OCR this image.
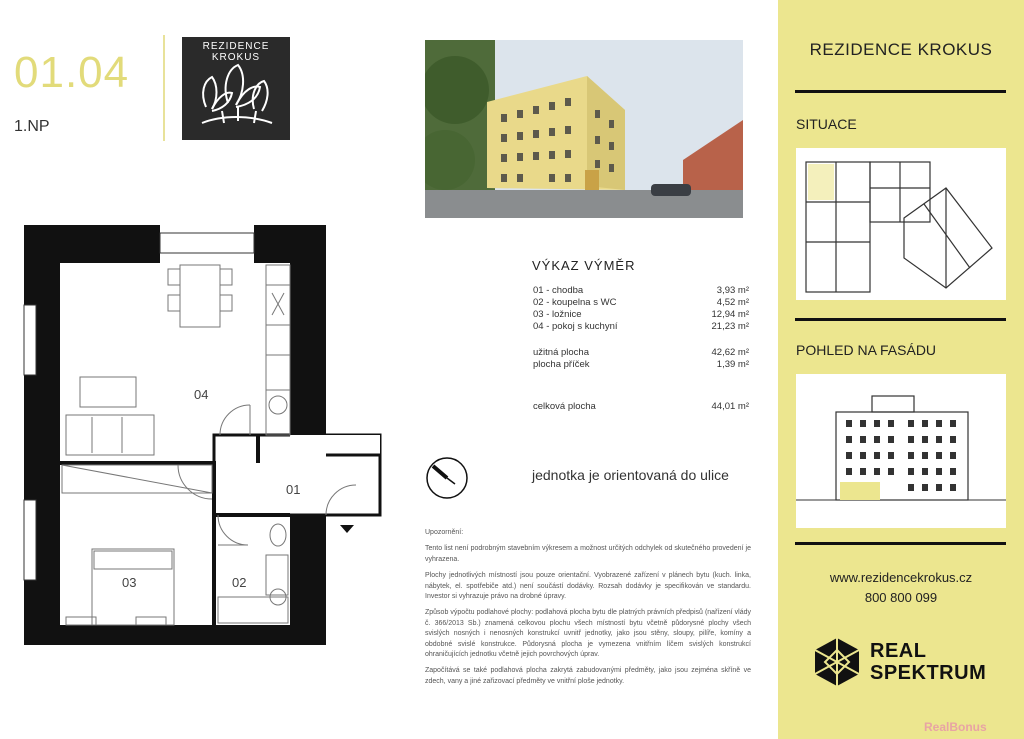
01.04
1.NP
REZIDENCE KROKUS
04
01
03	02
VÝKAZ VÝMĚR
01 - chodba	3,93 m²
02 - koupelna s WC	4,52 m²
03 - ložnice	12,94 m²
04 - pokoj s kuchyní	21,23 m²
užitná plocha	42,62 m²
plocha příček	1,39 m²
celková plocha	44,01 m²
jednotka je orientovaná do ulice

Upozornění:

Tento list není podrobným stavebním výkresem a možnost určitých odchylek od skutečného provedení je vyhrazena.

Plochy jednotlivých místností jsou pouze orientační. Vyobrazené zařízení v plánech bytu (kuch. linka, nábytek, el. spotřebiče atd.) není součástí dodávky. Rozsah dodávky je specifikován ve standardu. Investor si vyhrazuje právo na drobné úpravy.

Způsob výpočtu podlahové plochy: podlahová plocha bytu dle platných právních předpisů (nařízení vlády č. 366/2013 Sb.) znamená celkovou plochu všech místností bytu včetně půdorysné plochy všech svislých nosných i nenosných konstrukcí uvnitř jednotky, jako jsou stěny, sloupy, pilíře, komíny a obdobné svislé konstrukce. Půdorysná plocha je vymezena vnitřním líčem svislých konstrukcí ohraničujících jednotku včetně jejich povrchových úprav.

Započítává se také podlahová plocha zakrytá zabudovanými předměty, jako jsou zejména skříně ve zdech, vany a jiné zařizovací předměty ve vnitřní ploše jednotky.

REZIDENCE KROKUS
SITUACE
POHLED NA FASÁDU
www.rezidencekrokus.cz
800 800 099
REAL
SPEKTRUM
RealBonus
